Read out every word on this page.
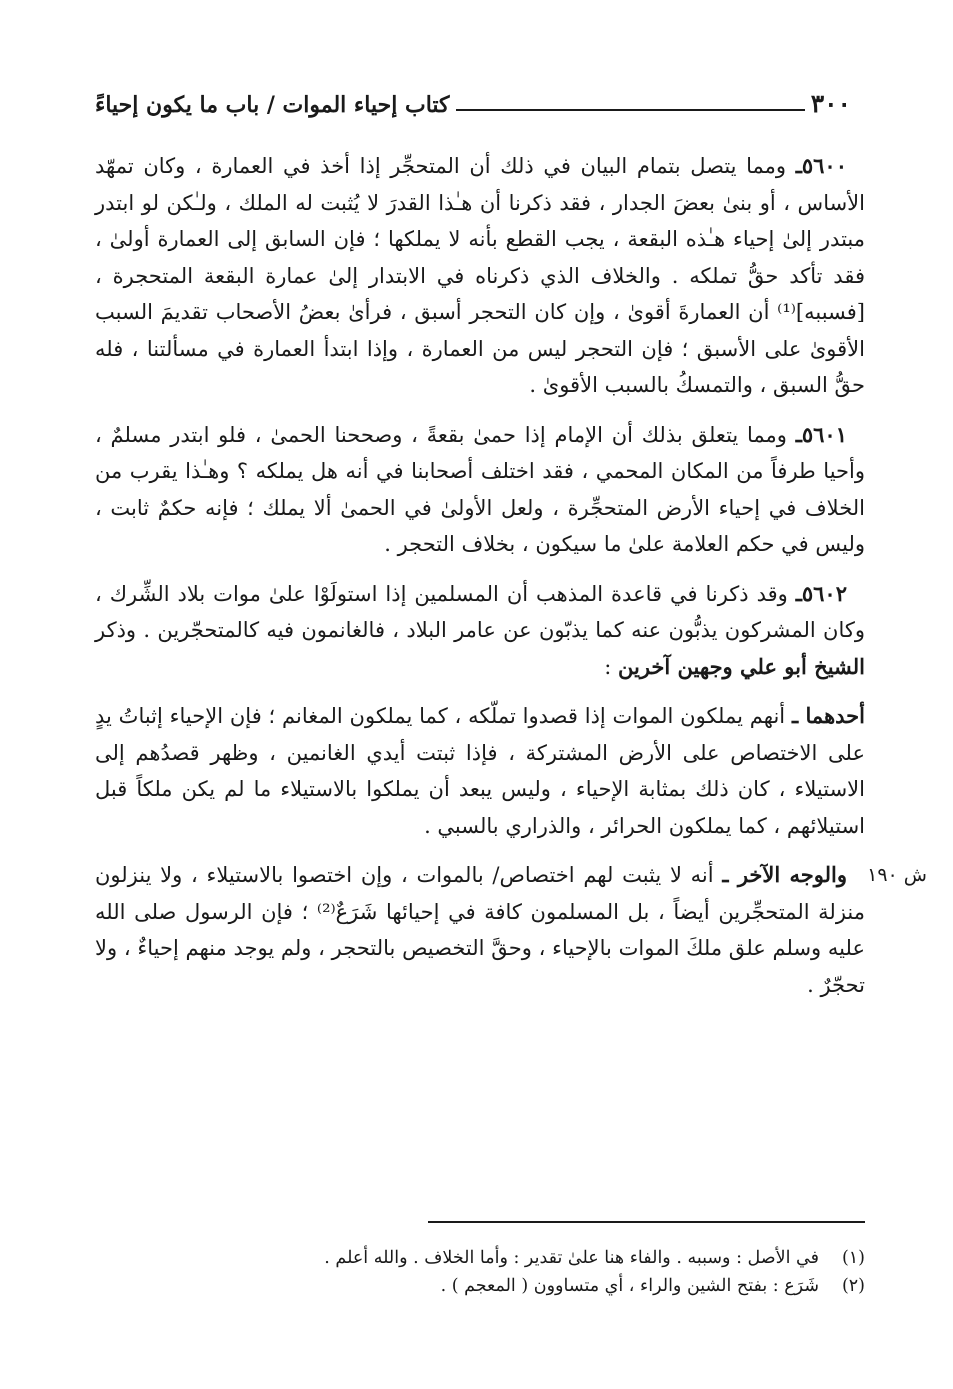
٣٠٠
كتاب إحياء الموات / باب ما يكون إحياءً

٥٦٠٠ـ ومما يتصل بتمام البيان في ذلك أن المتحجِّر إذا أخذ في العمارة ، وكان تمهّد الأساس ، أو بنىٰ بعضَ الجدار ، فقد ذكرنا أن هـٰذا القدرَ لا يُثبت له الملك ، ولـٰكن لو ابتدر مبتدر إلىٰ إحياء هـٰذه البقعة ، يجب القطع بأنه لا يملكها ؛ فإن السابق إلى العمارة أولىٰ ، فقد تأكد حقُّ تملكه . والخلاف الذي ذكرناه في الابتدار إلىٰ عمارة البقعة المتحجرة ، [فسببه]⁽¹⁾ أن العمارةَ أقوىٰ ، وإن كان التحجر أسبق ، فرأىٰ بعضُ الأصحاب تقديمَ السبب الأقوىٰ على الأسبق ؛ فإن التحجر ليس من العمارة ، وإذا ابتدأ العمارة في مسألتنا ، فله حقُّ السبق ، والتمسكُ بالسبب الأقوىٰ .

٥٦٠١ـ ومما يتعلق بذلك أن الإمام إذا حمىٰ بقعةً ، وصححنا الحمىٰ ، فلو ابتدر مسلمٌ ، وأحيا طرفاً من المكان المحمي ، فقد اختلف أصحابنا في أنه هل يملكه ؟ وهـٰذا يقرب من الخلاف في إحياء الأرض المتحجِّرة ، ولعل الأولىٰ في الحمىٰ ألا يملك ؛ فإنه حكمٌ ثابت ، وليس في حكم العلامة علىٰ ما سيكون ، بخلاف التحجر .

٥٦٠٢ـ وقد ذكرنا في قاعدة المذهب أن المسلمين إذا استولَوْا علىٰ موات بلاد الشِّرك ، وكان المشركون يذبُّون عنه كما يذبّون عن عامر البلاد ، فالغانمون فيه كالمتحجّرين . وذكر الشيخ أبو علي وجهين آخرين :

أحدهما ـ أنهم يملكون الموات إذا قصدوا تملّكه ، كما يملكون المغانم ؛ فإن الإحياء إثباتُ يدٍ على الاختصاص على الأرض المشتركة ، فإذا ثبتت أيدي الغانمين ، وظهر قصدُهم إلى الاستيلاء ، كان ذلك بمثابة الإحياء ، وليس يبعد أن يملكوا بالاستيلاء ما لم يكن ملكاً قبل استيلائهم ، كما يملكون الحرائر ، والذراري بالسبي .

ش ١٩٠
والوجه الآخر ـ أنه لا يثبت لهم اختصاص/ بالموات ، وإن اختصوا بالاستيلاء ، ولا ينزلون منزلة المتحجِّرين أيضاً ، بل المسلمون كافة في إحيائها شَرَعٌ⁽²⁾ ؛ فإن الرسول صلى الله عليه وسلم علق ملكَ الموات بالإحياء ، وحقَّ التخصيص بالتحجر ، ولم يوجد منهم إحياءٌ ، ولا تحجّرٌ .

(١)في الأصل : وسببه . والفاء هنا علىٰ تقدير : وأما الخلاف . والله أعلم .

(٢)شَرَع : بفتح الشين والراء ، أي متساوون ( المعجم ) .
